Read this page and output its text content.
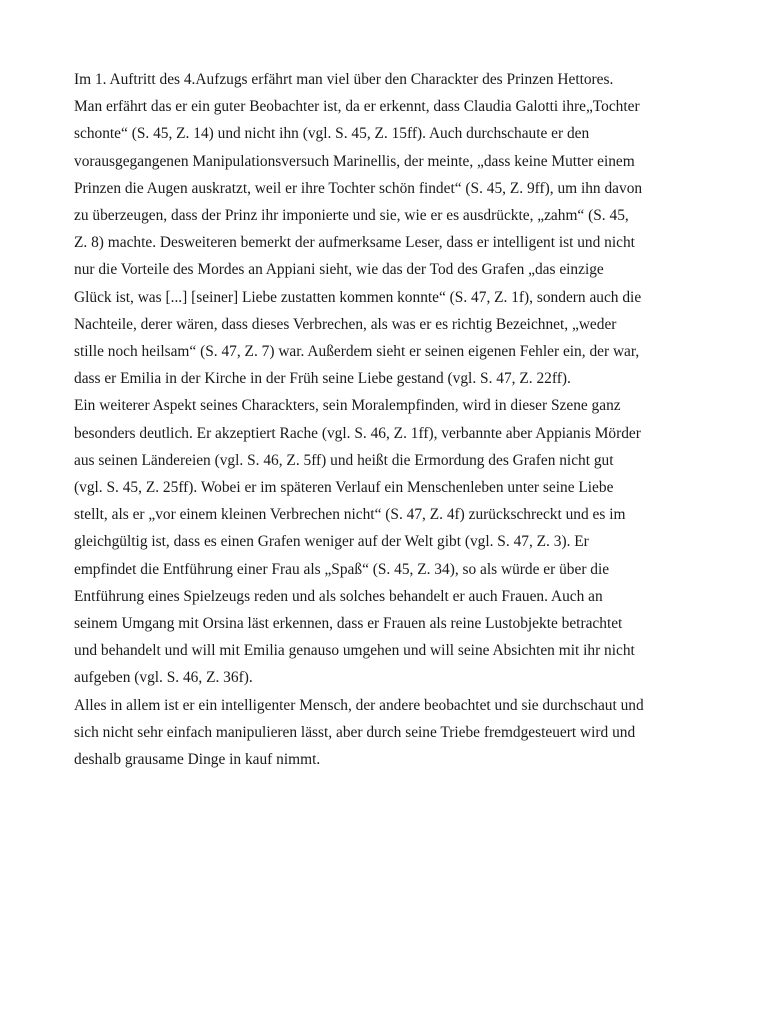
Im 1. Auftritt des 4.Aufzugs erfährt man viel über den Charackter des Prinzen Hettores.
Man erfährt das er ein guter Beobachter ist, da er erkennt, dass Claudia Galotti ihre„Tochter
schonte“ (S. 45, Z. 14) und nicht ihn (vgl. S. 45, Z. 15ff). Auch durchschaute er den
vorausgegangenen Manipulationsversuch Marinellis, der meinte, „dass keine Mutter einem
Prinzen die Augen auskratzt, weil er ihre Tochter schön findet“ (S. 45, Z. 9ff), um ihn davon
zu überzeugen, dass der Prinz ihr imponierte und sie, wie er es ausdrückte, „zahm“ (S. 45,
Z. 8) machte. Desweiteren bemerkt der aufmerksame Leser, dass er intelligent ist und nicht
nur die Vorteile des Mordes an Appiani sieht, wie das der Tod des Grafen „das einzige
Glück ist, was [...] [seiner] Liebe zustatten kommen konnte“ (S. 47, Z. 1f), sondern auch die
Nachteile, derer wären, dass dieses Verbrechen, als was er es richtig Bezeichnet, „weder
stille noch heilsam“ (S. 47, Z. 7) war. Außerdem sieht er seinen eigenen Fehler ein, der war,
dass er Emilia in der Kirche in der Früh seine Liebe gestand (vgl. S. 47, Z. 22ff).

Ein weiterer Aspekt seines Charackters, sein Moralempfinden, wird in dieser Szene ganz
besonders deutlich. Er akzeptiert Rache (vgl. S. 46, Z. 1ff), verbannte aber Appianis Mörder
aus seinen Ländereien (vgl. S. 46, Z. 5ff) und heißt die Ermordung des Grafen nicht gut
(vgl. S. 45, Z. 25ff). Wobei er im späteren Verlauf ein Menschenleben unter seine Liebe
stellt, als er „vor einem kleinen Verbrechen nicht“ (S. 47, Z. 4f) zurückschreckt und es im
gleichgültig ist, dass es einen Grafen weniger auf der Welt gibt (vgl. S. 47, Z. 3). Er
empfindet die Entführung einer Frau als „Spaß“ (S. 45, Z. 34), so als würde er über die
Entführung eines Spielzeugs reden und als solches behandelt er auch Frauen. Auch an
seinem Umgang mit Orsina läst erkennen, dass er Frauen als reine Lustobjekte betrachtet
und behandelt und will mit Emilia genauso umgehen und will seine Absichten mit ihr nicht
aufgeben (vgl. S. 46, Z. 36f).

Alles in allem ist er ein intelligenter Mensch, der andere beobachtet und sie durchschaut und
sich nicht sehr einfach manipulieren lässt, aber durch seine Triebe fremdgesteuert wird und
deshalb grausame Dinge in kauf nimmt.
